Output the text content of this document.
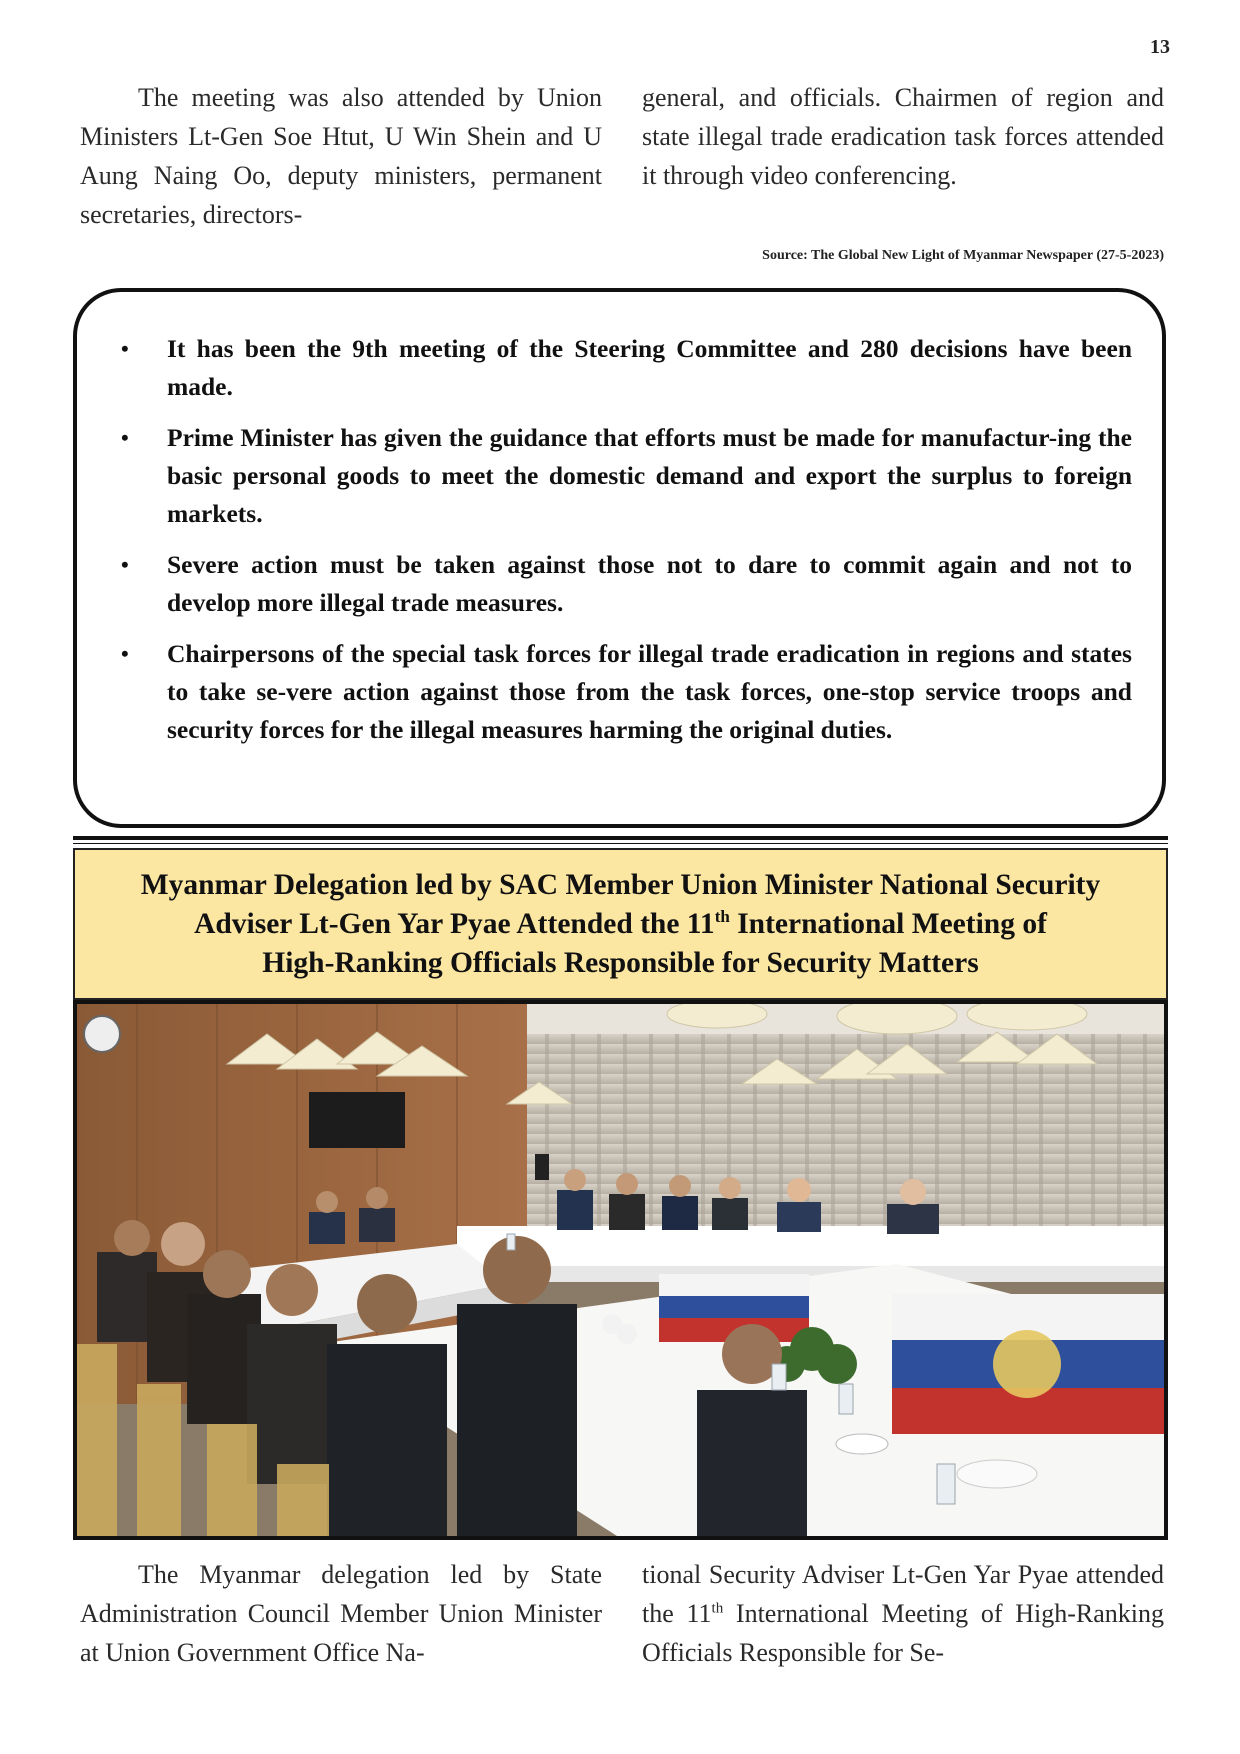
13

The meeting was also attended by Union Ministers Lt-Gen Soe Htut, U Win Shein and U Aung Naing Oo, deputy ministers, permanent secretaries, directors-

general, and officials. Chairmen of region and state illegal trade eradication task forces attended it through video conferencing.

Source: The Global New Light of Myanmar Newspaper (27-5-2023)
• It has been the 9th meeting of the Steering Committee and 280 decisions have been made.
• Prime Minister has given the guidance that efforts must be made for manufactur-ing the basic personal goods to meet the domestic demand and export the surplus to foreign markets.
• Severe action must be taken against those not to dare to commit again and not to develop more illegal trade measures.
• Chairpersons of the special task forces for illegal trade eradication in regions and states to take se-vere action against those from the task forces, one-stop service troops and security forces for the illegal measures harming the original duties.
Myanmar Delegation led by SAC Member Union Minister National Security
Adviser Lt-Gen Yar Pyae Attended the 11th International Meeting of
High-Ranking Officials Responsible for Security Matters

The Myanmar delegation led by State Administration Council Member Union Minister at Union Government Office Na-

tional Security Adviser Lt-Gen Yar Pyae attended the 11th International Meeting of High-Ranking Officials Responsible for Se-
